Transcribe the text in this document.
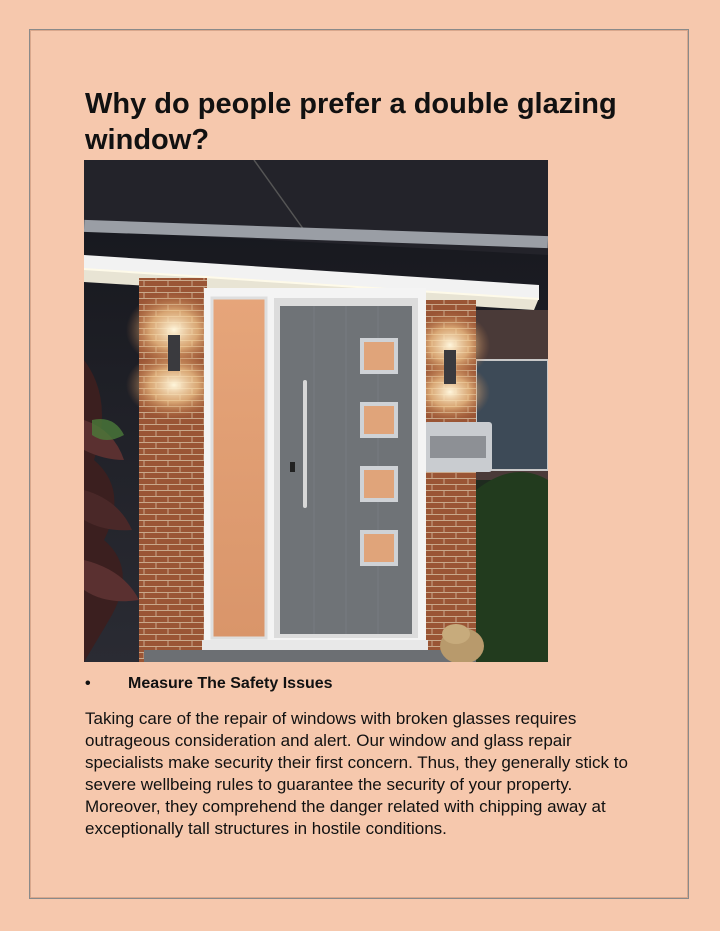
Why do people prefer a double glazing window?
• Measure The Safety Issues

Taking care of the repair of windows with broken glasses requires outrageous consideration and alert. Our window and glass repair specialists make security their first concern. Thus, they generally stick to severe wellbeing rules to guarantee the security of your property. Moreover, they comprehend the danger related with chipping away at exceptionally tall structures in hostile conditions.
